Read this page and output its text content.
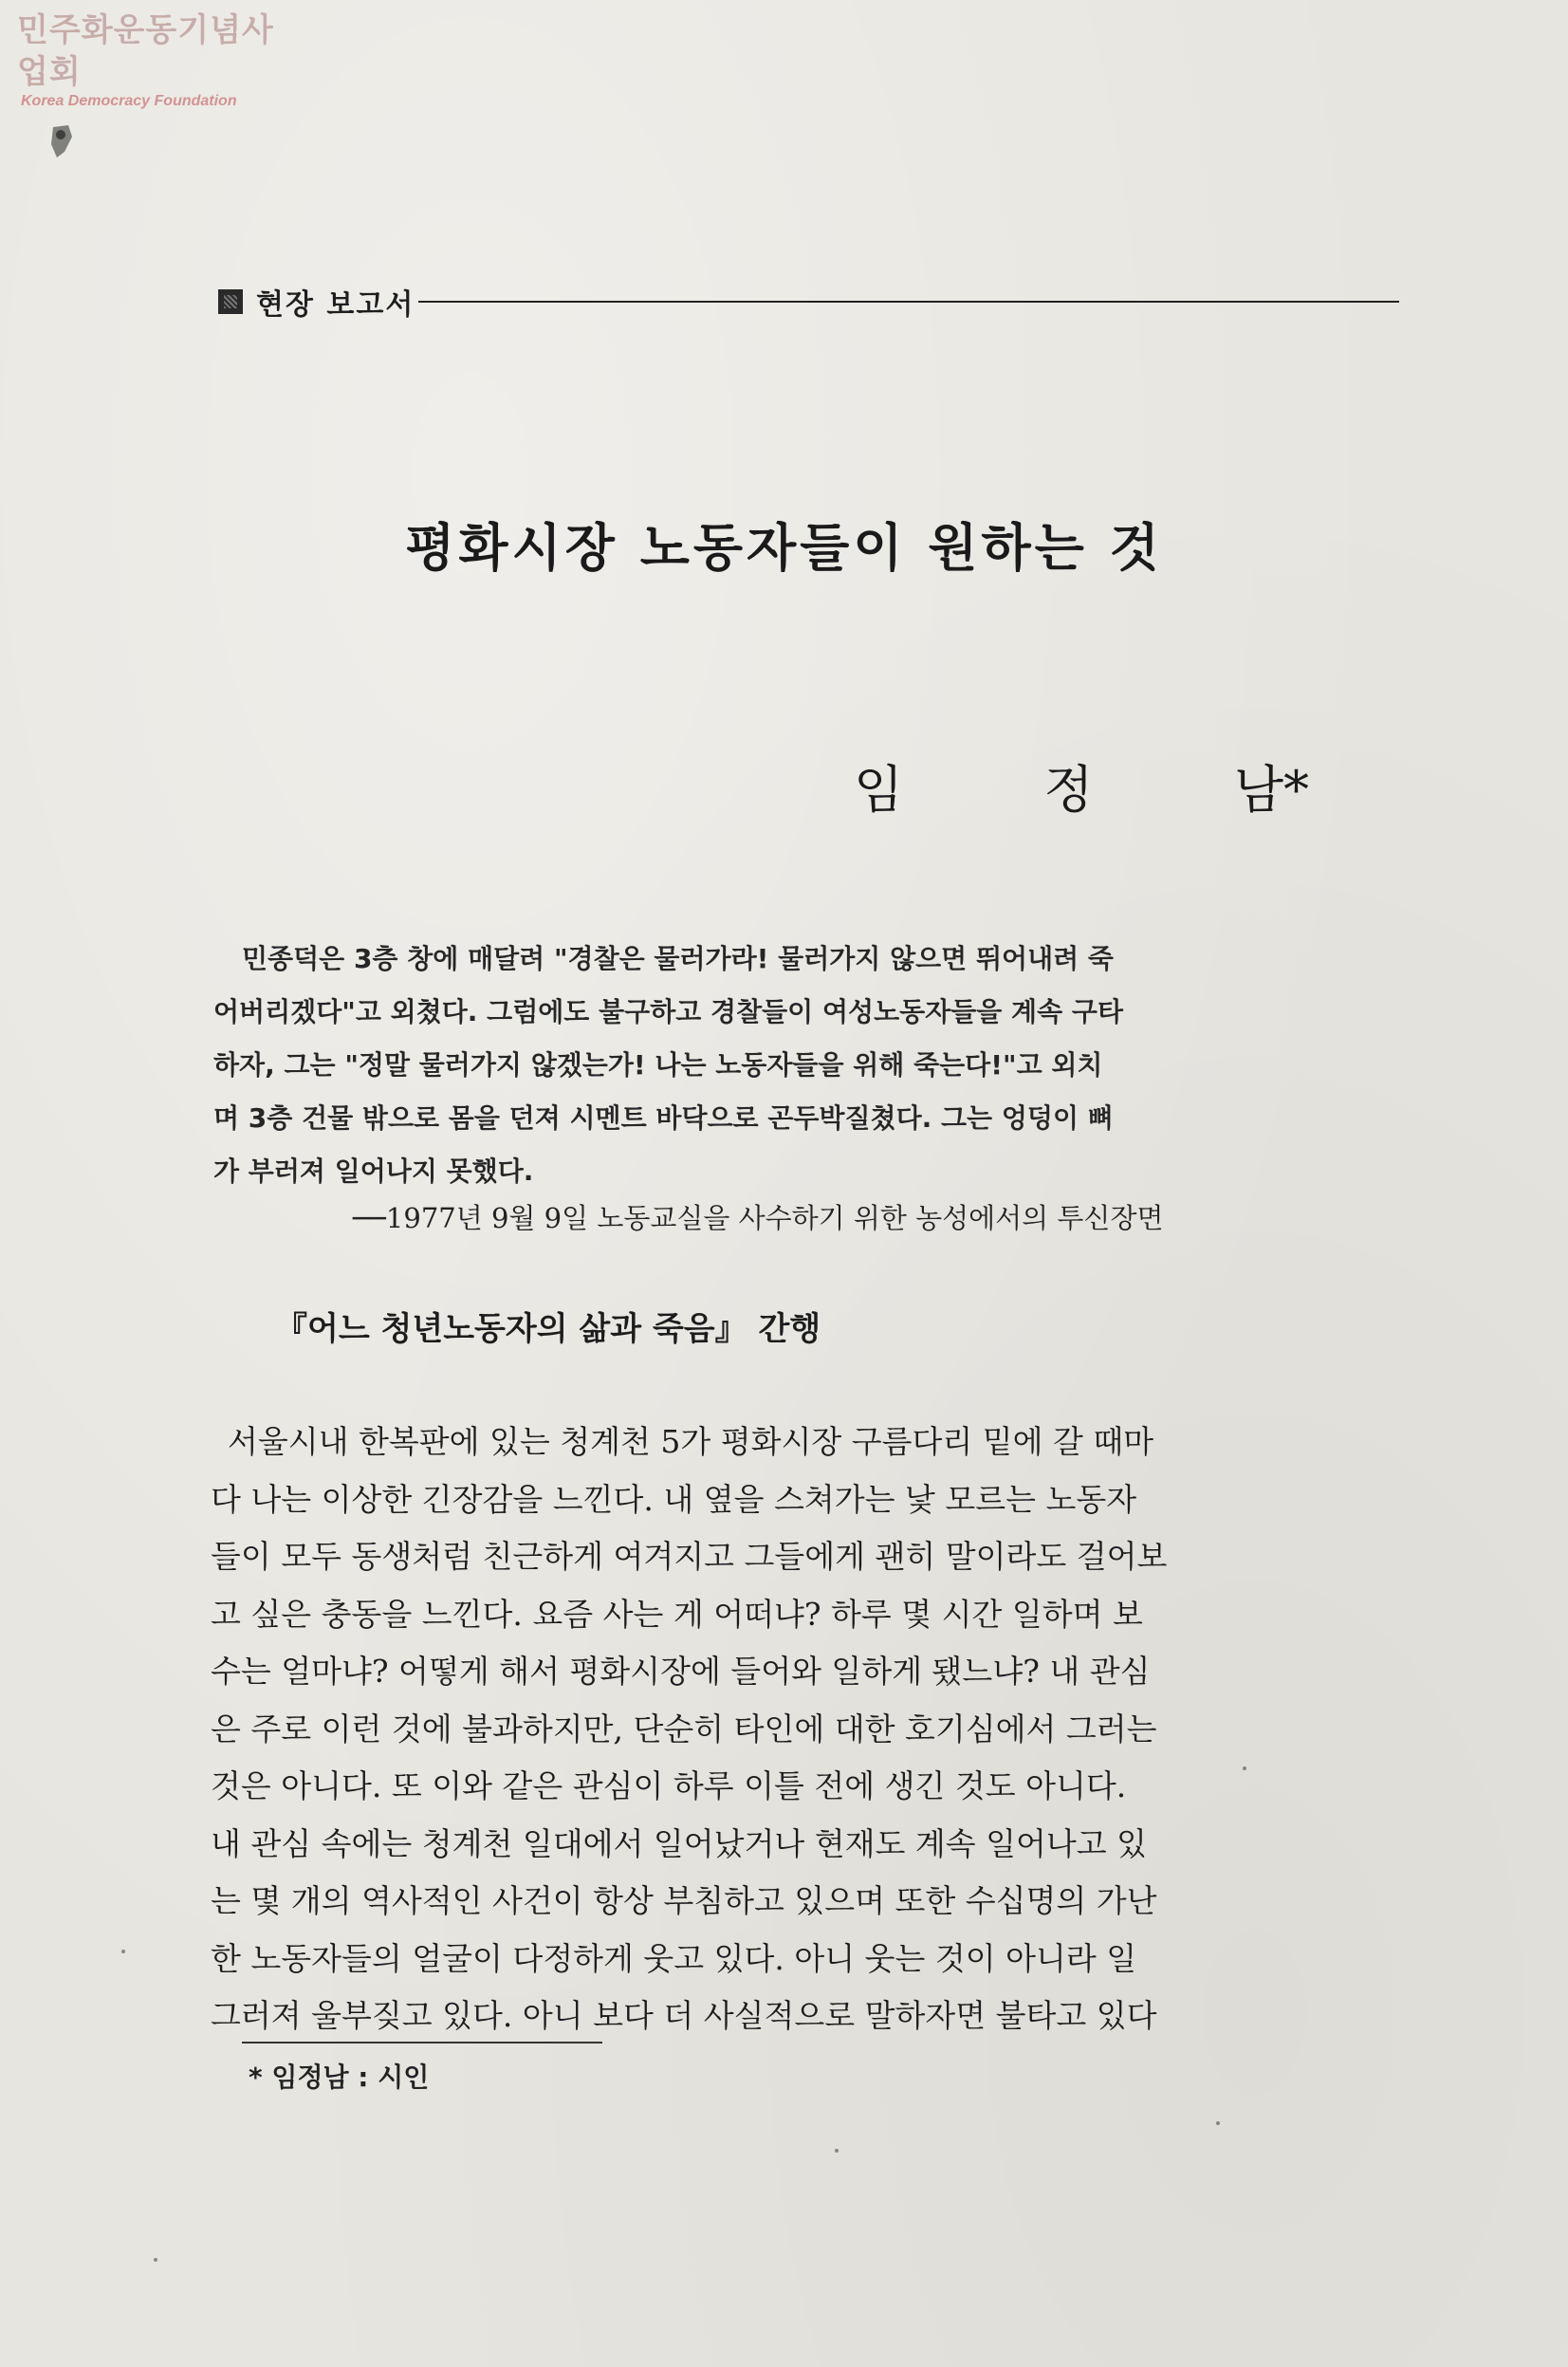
민주화운동기념사업회
Korea Democracy Foundation
현장 보고서
평화시장 노동자들이 원하는 것
임	정	남*
민종덕은 3층 창에 매달려 "경찰은 물러가라! 물러가지 않으면 뛰어내려 죽
어버리겠다"고 외쳤다. 그럼에도 불구하고 경찰들이 여성노동자들을 계속 구타
하자, 그는 "정말 물러가지 않겠는가! 나는 노동자들을 위해 죽는다!"고 외치
며 3층 건물 밖으로 몸을 던져 시멘트 바닥으로 곤두박질쳤다. 그는 엉덩이 뼈
가 부러져 일어나지 못했다.
──1977년 9월 9일 노동교실을 사수하기 위한 농성에서의 투신장면
『어느 청년노동자의 삶과 죽음』 간행
서울시내 한복판에 있는 청계천 5가 평화시장 구름다리 밑에 갈 때마
다 나는 이상한 긴장감을 느낀다. 내 옆을 스쳐가는 낯 모르는 노동자
들이 모두 동생처럼 친근하게 여겨지고 그들에게 괜히 말이라도 걸어보
고 싶은 충동을 느낀다. 요즘 사는 게 어떠냐? 하루 몇 시간 일하며 보
수는 얼마냐? 어떻게 해서 평화시장에 들어와 일하게 됐느냐? 내 관심
은 주로 이런 것에 불과하지만, 단순히 타인에 대한 호기심에서 그러는
것은 아니다. 또 이와 같은 관심이 하루 이틀 전에 생긴 것도 아니다.
내 관심 속에는 청계천 일대에서 일어났거나 현재도 계속 일어나고 있
는 몇 개의 역사적인 사건이 항상 부침하고 있으며 또한 수십명의 가난
한 노동자들의 얼굴이 다정하게 웃고 있다. 아니 웃는 것이 아니라 일
그러져 울부짖고 있다. 아니 보다 더 사실적으로 말하자면 불타고 있다
* 임정남 : 시인
